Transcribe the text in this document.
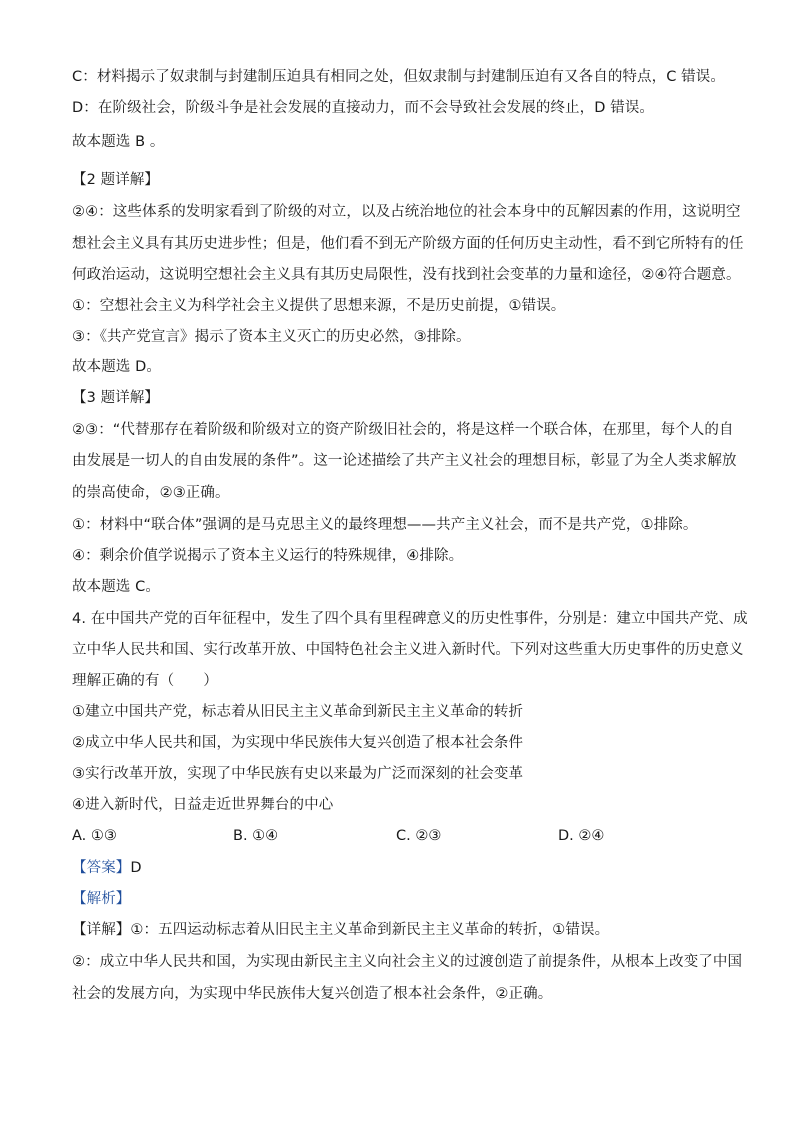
C：材料揭示了奴隶制与封建制压迫具有相同之处，但奴隶制与封建制压迫有又各自的特点，C 错误。
D：在阶级社会，阶级斗争是社会发展的直接动力，而不会导致社会发展的终止，D 错误。
故本题选 B 。
【2 题详解】
②④：这些体系的发明家看到了阶级的对立，以及占统治地位的社会本身中的瓦解因素的作用，这说明空
想社会主义具有其历史进步性；但是，他们看不到无产阶级方面的任何历史主动性，看不到它所特有的任
何政治运动，这说明空想社会主义具有其历史局限性，没有找到社会变革的力量和途径，②④符合题意。
①：空想社会主义为科学社会主义提供了思想来源，不是历史前提，①错误。
③：《共产党宣言》揭示了资本主义灭亡的历史必然，③排除。
故本题选 D。
【3 题详解】
②③：“代替那存在着阶级和阶级对立的资产阶级旧社会的，将是这样一个联合体，在那里，每个人的自
由发展是一切人的自由发展的条件”。这一论述描绘了共产主义社会的理想目标，彰显了为全人类求解放
的崇高使命，②③正确。
①：材料中“联合体”强调的是马克思主义的最终理想——共产主义社会，而不是共产党，①排除。
④：剩余价值学说揭示了资本主义运行的特殊规律，④排除。
故本题选 C。
4. 在中国共产党的百年征程中，发生了四个具有里程碑意义的历史性事件，分别是：建立中国共产党、成
立中华人民共和国、实行改革开放、中国特色社会主义进入新时代。下列对这些重大历史事件的历史意义
理解正确的有（　　）
①建立中国共产党，标志着从旧民主主义革命到新民主主义革命的转折
②成立中华人民共和国，为实现中华民族伟大复兴创造了根本社会条件
③实行改革开放，实现了中华民族有史以来最为广泛而深刻的社会变革
④进入新时代，日益走近世界舞台的中心
A. ①③	B. ①④	C. ②③	D. ②④
【答案】D
【解析】
【详解】①：五四运动标志着从旧民主主义革命到新民主主义革命的转折，①错误。
②：成立中华人民共和国，为实现由新民主主义向社会主义的过渡创造了前提条件，从根本上改变了中国
社会的发展方向，为实现中华民族伟大复兴创造了根本社会条件，②正确。
